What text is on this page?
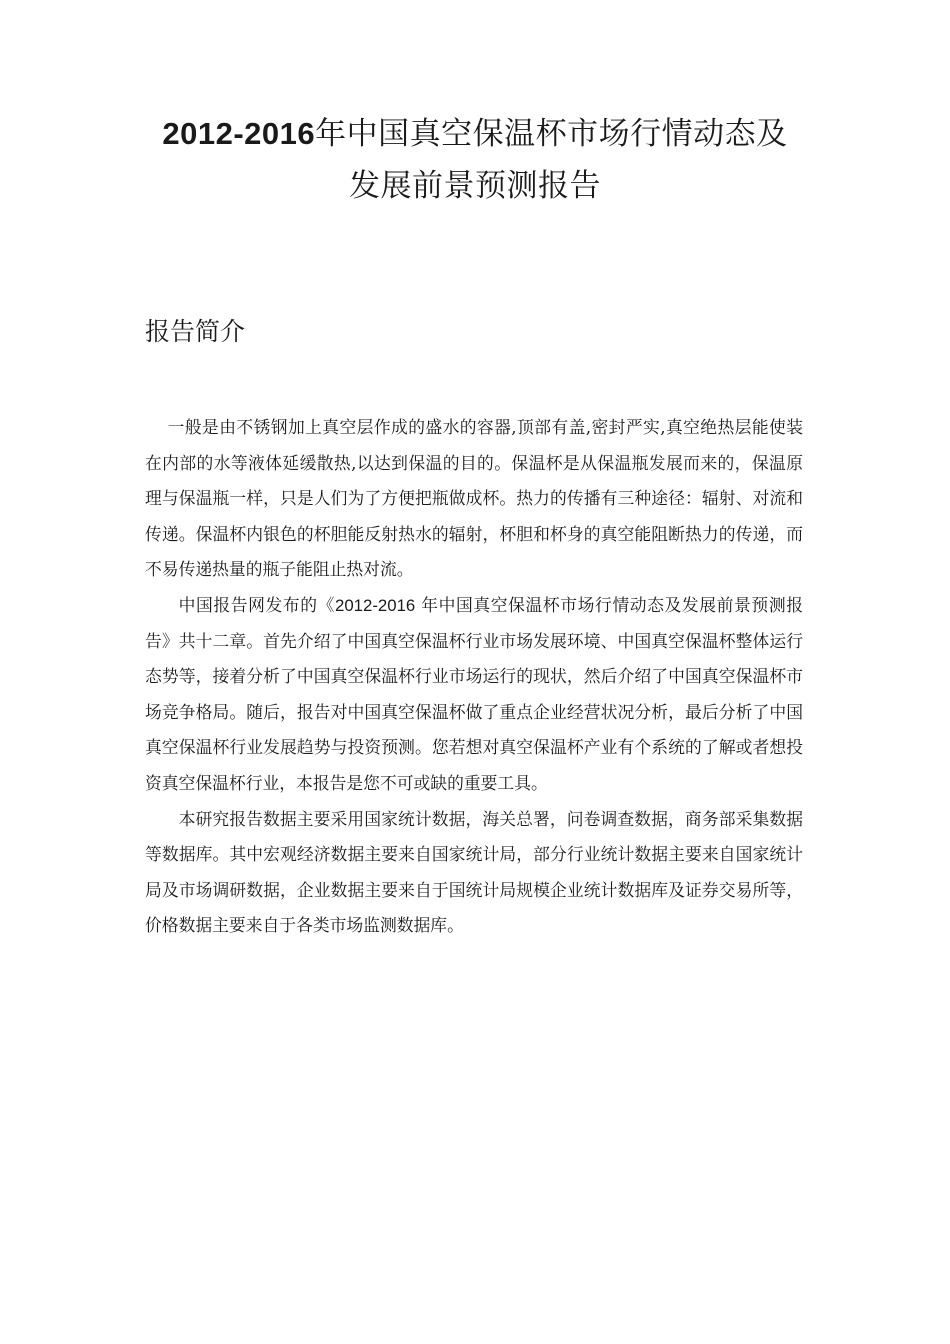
2012-2016年中国真空保温杯市场行情动态及
发展前景预测报告
报告简介

一般是由不锈钢加上真空层作成的盛水的容器,顶部有盖,密封严实,真空绝热层能使装在内部的水等液体延缓散热,以达到保温的目的。保温杯是从保温瓶发展而来的，保温原理与保温瓶一样，只是人们为了方便把瓶做成杯。热力的传播有三种途径：辐射、对流和传递。保温杯内银色的杯胆能反射热水的辐射，杯胆和杯身的真空能阻断热力的传递，而不易传递热量的瓶子能阻止热对流。

中国报告网发布的《2012-2016 年中国真空保温杯市场行情动态及发展前景预测报告》共十二章。首先介绍了中国真空保温杯行业市场发展环境、中国真空保温杯整体运行态势等，接着分析了中国真空保温杯行业市场运行的现状，然后介绍了中国真空保温杯市场竞争格局。随后，报告对中国真空保温杯做了重点企业经营状况分析，最后分析了中国真空保温杯行业发展趋势与投资预测。您若想对真空保温杯产业有个系统的了解或者想投资真空保温杯行业，本报告是您不可或缺的重要工具。

本研究报告数据主要采用国家统计数据，海关总署，问卷调查数据，商务部采集数据等数据库。其中宏观经济数据主要来自国家统计局，部分行业统计数据主要来自国家统计局及市场调研数据，企业数据主要来自于国统计局规模企业统计数据库及证券交易所等，价格数据主要来自于各类市场监测数据库。
